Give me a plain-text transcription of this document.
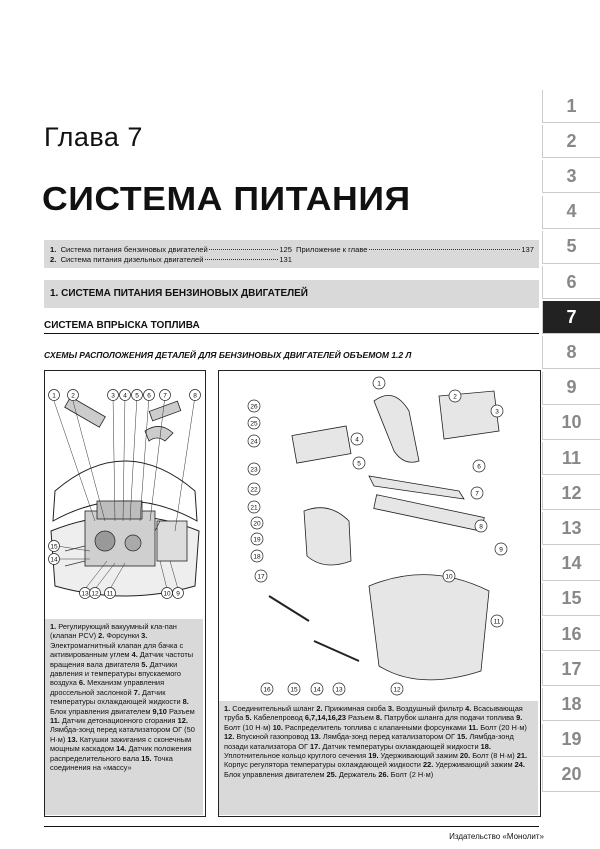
Глава 7
СИСТЕМА ПИТАНИЯ
1.
Система питания бензиновых двигателей	125
2.
Система питания дизельных двигателей	131
Приложение к главе	137
1. СИСТЕМА ПИТАНИЯ БЕНЗИНОВЫХ ДВИГАТЕЛЕЙ
СИСТЕМА ВПРЫСКА ТОПЛИВА
СХЕМЫ РАСПОЛОЖЕНИЯ ДЕТАЛЕЙ ДЛЯ БЕНЗИНОВЫХ ДВИГАТЕЛЕЙ ОБЪЕМОМ 1.2 Л
1 2	3 4 5 6 7	8
15
14
13 12 11	10 9
1. Регулирующий вакуумный кла-пан (клапан PCV) 2. Форсунки 3. Электромагнитный клапан для бачка с активированным углем 4. Датчик частоты вращения вала двигателя 5. Датчики давления и температуры впускаемого воздуха 6. Механизм управления дроссельной заслонкой 7. Датчик температуры охлаждающей жидкости 8. Блок управления двигателем 9,10 Разъем 11. Датчик детонационного сгорания 12. Лямбда-зонд перед катализатором ОГ (50 Н·м) 13. Катушки зажигания с сконечным мощным каскадом 14. Датчик положения распределительного вала 15. Точка соединения на «массу»
26
25
24
23
22
21
20
19
18
17
16	15 14 13	12
11
10
9
8
7
6
5
4
3
2
1
1. Соединительный шланг 2. Прижимная скоба 3. Воздушный фильтр 4. Всасывающая труба 5. Кабелепровод 6,7,14,16,23 Разъем 8. Патрубок шланга для подачи топлива 9. Болт (10 Н·м) 10. Распределитель топлива с клапанными форсунками 11. Болт (20 Н·м) 12. Впускной газопровод 13. Лямбда-зонд перед катализатором ОГ 15. Лямбда-зонд позади катализатора ОГ 17. Датчик температуры охлаждающей жидкости 18. Уплотнительное кольцо круглого сечения 19. Удерживающий зажим 20. Болт (8 Н·м) 21. Корпус регулятора температуры охлаждающей жидкости 22. Удерживающий зажим 24. Блок управления двигателем 25. Держатель 26. Болт (2 Н·м)
Издательство «Монолит»
1
2
3
4
5
6
7
8
9
10
11
12
13
14
15
16
17
18
19
20
